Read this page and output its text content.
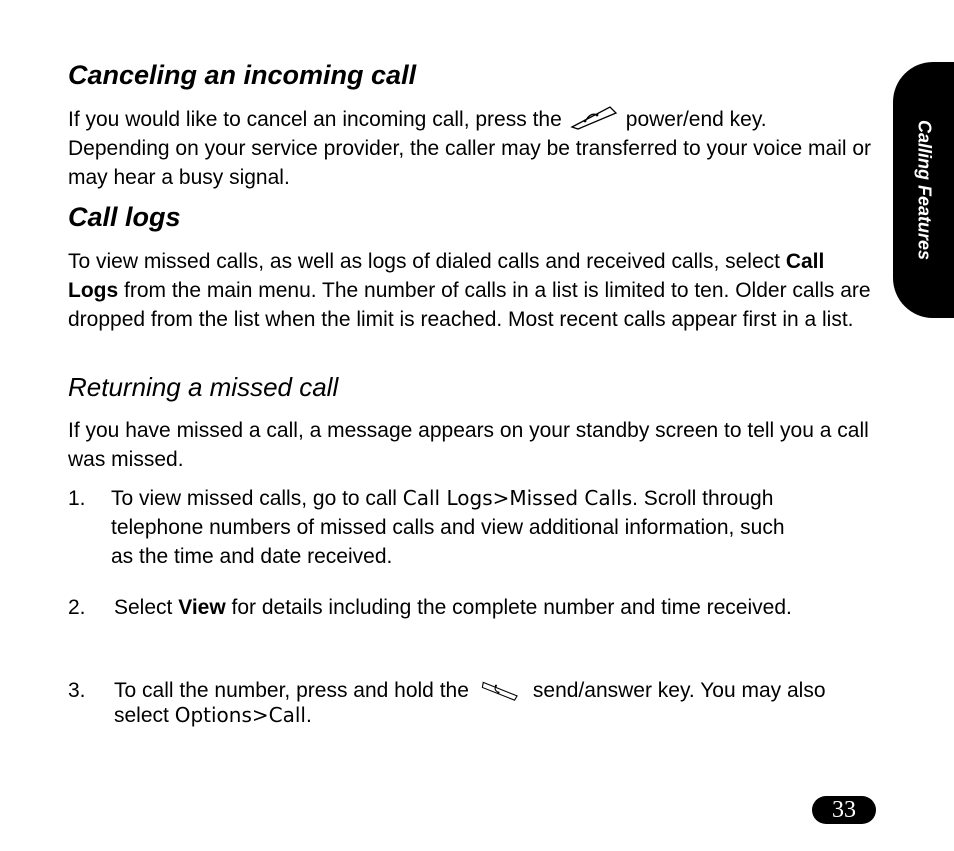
Canceling an incoming call

If you would like to cancel an incoming call, press the	power/end key. Depending on your service provider, the caller may be transferred to your voice mail or may hear a busy signal.

Call logs

To view missed calls, as well as logs of dialed calls and received calls, select Call Logs from the main menu. The number of calls in a list is limited to ten. Older calls are dropped from the list when the limit is reached. Most recent calls appear first in a list.

Returning a missed call

If you have missed a call, a message appears on your standby screen to tell you a call was missed.

1. To view missed calls, go to call Call Logs>Missed Calls. Scroll through telephone numbers of missed calls and view additional information, such as the time and date received.
2. Select View for details including the complete number and time received.
3. To call the number, press and hold the	send/answer key. You may also select Options>Call.
Calling Features
33
